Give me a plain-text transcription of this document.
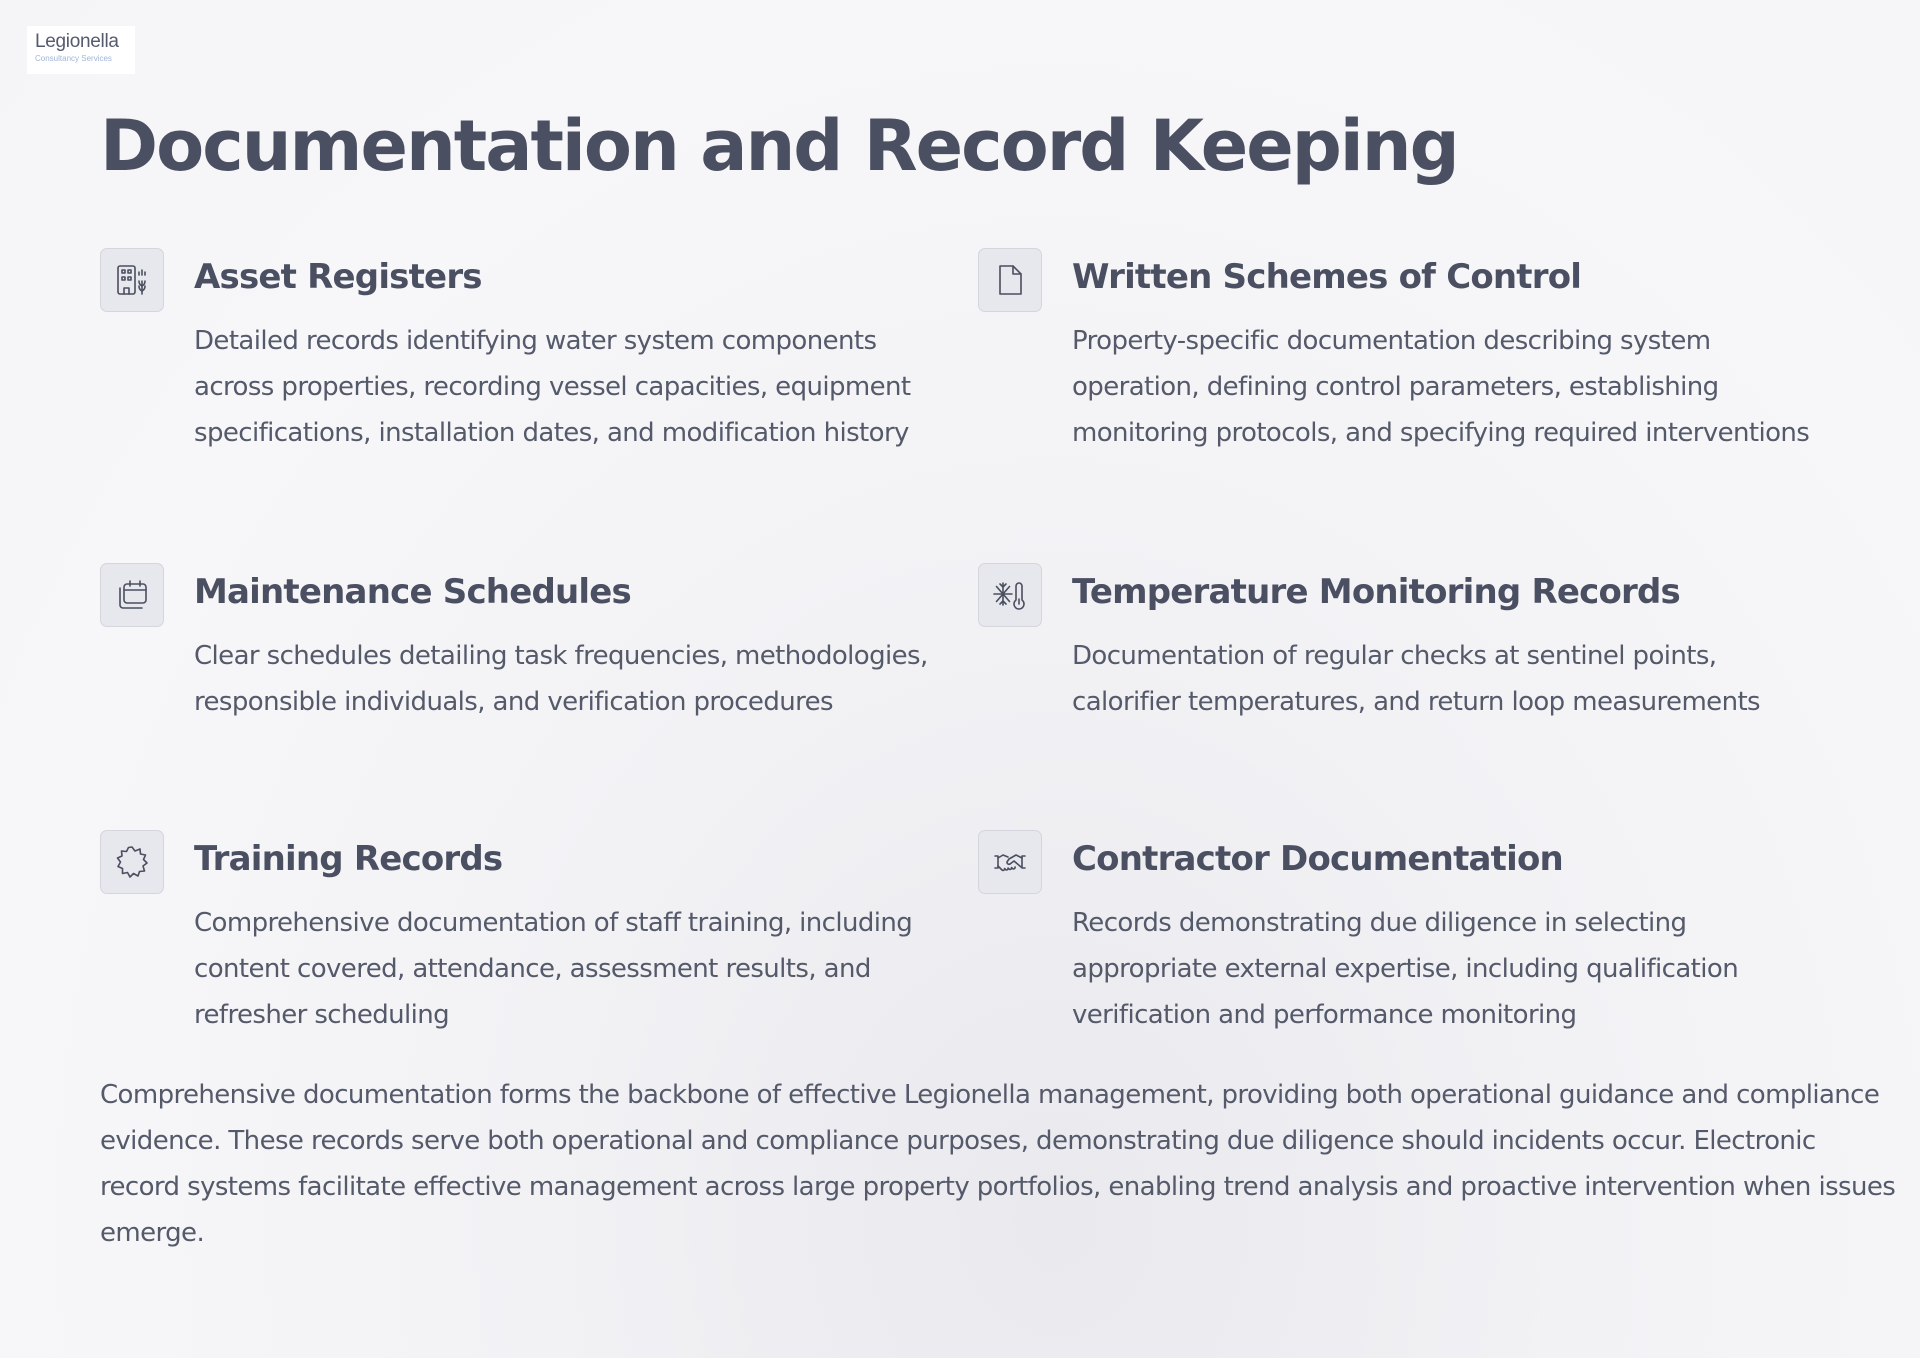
Legionella
Consultancy Services
Documentation and Record Keeping
Asset Registers

Detailed records identifying water system components across properties, recording vessel capacities, equipment specifications, installation dates, and modification history

Written Schemes of Control

Property-specific documentation describing system operation, defining control parameters, establishing monitoring protocols, and specifying required interventions

Maintenance Schedules

Clear schedules detailing task frequencies, methodologies, responsible individuals, and verification procedures

Temperature Monitoring Records

Documentation of regular checks at sentinel points, calorifier temperatures, and return loop measurements

Training Records

Comprehensive documentation of staff training, including content covered, attendance, assessment results, and refresher scheduling

Contractor Documentation

Records demonstrating due diligence in selecting appropriate external expertise, including qualification verification and performance monitoring

Comprehensive documentation forms the backbone of effective Legionella management, providing both operational guidance and compliance evidence. These records serve both operational and compliance purposes, demonstrating due diligence should incidents occur. Electronic record systems facilitate effective management across large property portfolios, enabling trend analysis and proactive intervention when issues emerge.
